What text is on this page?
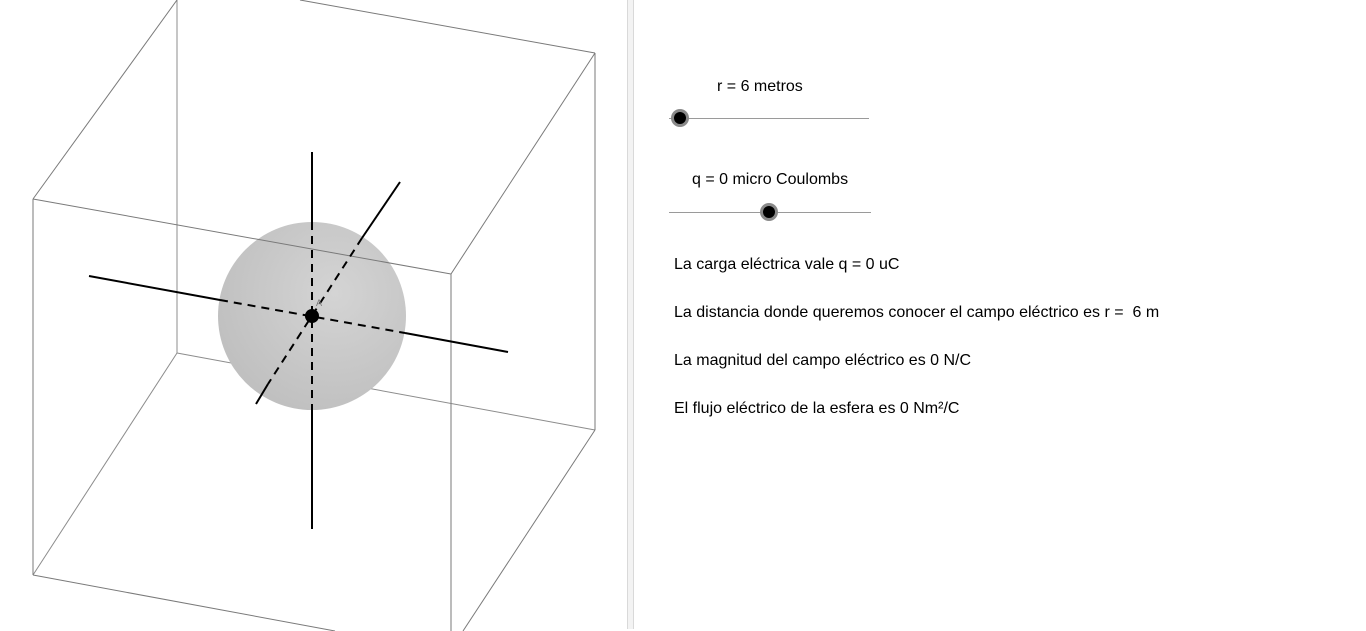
A
r = 6 metros
q = 0 micro Coulombs
La carga eléctrica vale q = 0 uC
La distancia donde queremos conocer el campo eléctrico es r =  6 m
La magnitud del campo eléctrico es 0 N/C
El flujo eléctrico de la esfera es 0 Nm²/C
